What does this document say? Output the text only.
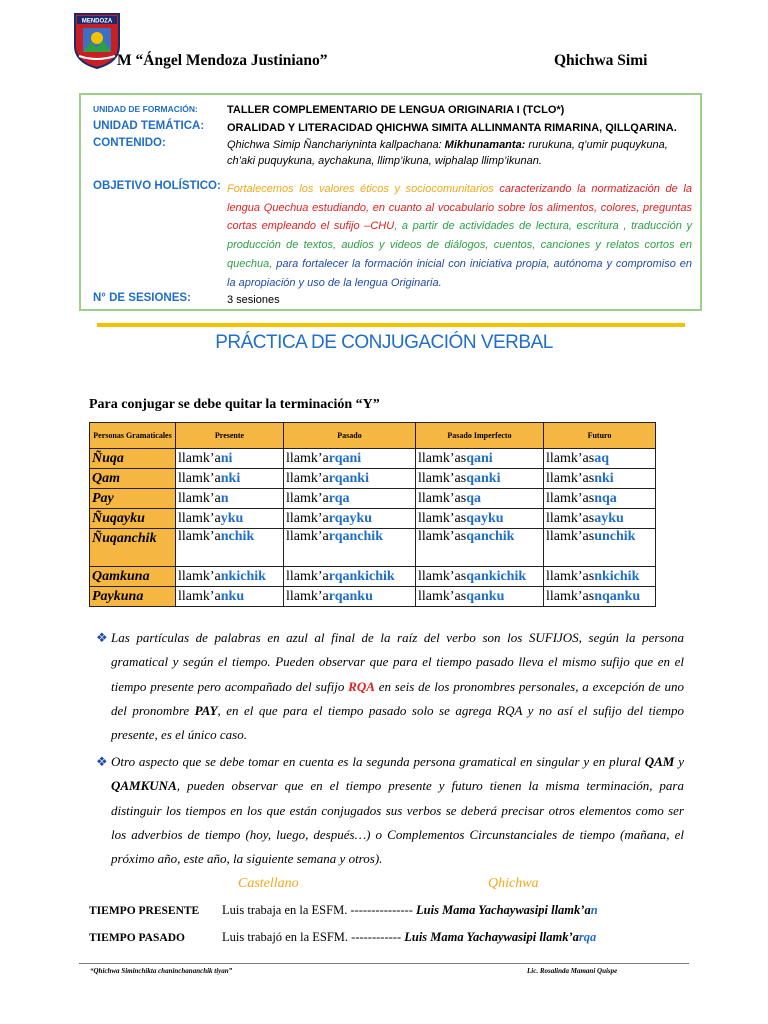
MENDOZA
M “Ángel Mendoza Justiniano”	Qhichwa Simi
UNIDAD DE FORMACIÓN:	TALLER COMPLEMENTARIO DE LENGUA ORIGINARIA I (TCLO*)
UNIDAD TEMÁTICA:	ORALIDAD Y LITERACIDAD QHICHWA SIMITA ALLINMANTA RIMARINA, QILLQARINA.
CONTENIDO:	Qhichwa Simip Ñanchariyninta kallpachana: Mikhunamanta: rurukuna, q’umir puquykuna, ch’aki puquykuna, aychakuna, llimp’ikuna, wiphalap llimp’ikunan.
OBJETIVO HOLÍSTICO: Fortalecemos los valores éticos y sociocomunitarios caracterizando la normatización de la lengua Quechua estudiando, en cuanto al vocabulario sobre los alimentos, colores, preguntas cortas empleando el sufijo –CHU, a partir de actividades de lectura, escritura , traducción y producción de textos, audios y videos de diálogos, cuentos, canciones y relatos cortos en quechua, para fortalecer la formación inicial con iniciativa propia, autónoma y compromiso en la apropiación y uso de la lengua Originaria.
N° DE SESIONES:	3 sesiones
PRÁCTICA DE CONJUGACIÓN VERBAL
Para conjugar se debe quitar la terminación “Y”
Personas Gramaticales	Presente	Pasado	Pasado Imperfecto	Futuro
Ñuqa	llamk’ani	llamk’arqani	llamk’asqani	llamk’asaq
Qam	llamk’anki	llamk’arqanki	llamk’asqanki	llamk’asnki
Pay	llamk’an	llamk’arqa	llamk’asqa	llamk’asnqa
Ñuqayku	llamk’ayku	llamk’arqayku	llamk’asqayku	llamk’asayku
Ñuqanchik	llamk’anchik	llamk’arqanchik	llamk’asqanchik	llamk’asunchik
Qamkuna	llamk’ankichik	llamk’arqankichik	llamk’asqankichik	llamk’asnkichik
Paykuna	llamk’anku	llamk’arqanku	llamk’asqanku	llamk’asnqanku
❖ Las partículas de palabras en azul al final de la raíz del verbo son los SUFIJOS, según la persona gramatical y según el tiempo. Pueden observar que para el tiempo pasado lleva el mismo sufijo que en el tiempo presente pero acompañado del sufijo RQA en seis de los pronombres personales, a excepción de uno del pronombre PAY, en el que para el tiempo pasado solo se agrega RQA y no así el sufijo del tiempo presente, es el único caso.
❖ Otro aspecto que se debe tomar en cuenta es la segunda persona gramatical en singular y en plural QAM y QAMKUNA, pueden observar que en el tiempo presente y futuro tienen la misma terminación, para distinguir los tiempos en los que están conjugados sus verbos se deberá precisar otros elementos como ser los adverbios de tiempo (hoy, luego, después…) o Complementos Circunstanciales de tiempo (mañana, el próximo año, este año, la siguiente semana y otros).
Castellano	Qhichwa
TIEMPO PRESENTE Luis trabaja en la ESFM. --------------- Luis Mama Yachaywasipi llamk’an
TIEMPO PASADO	Luis trabajó en la ESFM. ------------ Luis Mama Yachaywasipi llamk’arqa
“Qhichwa Siminchikta chaninchananchik tiyan”	Lic. Rosalinda Mamani Quispe
